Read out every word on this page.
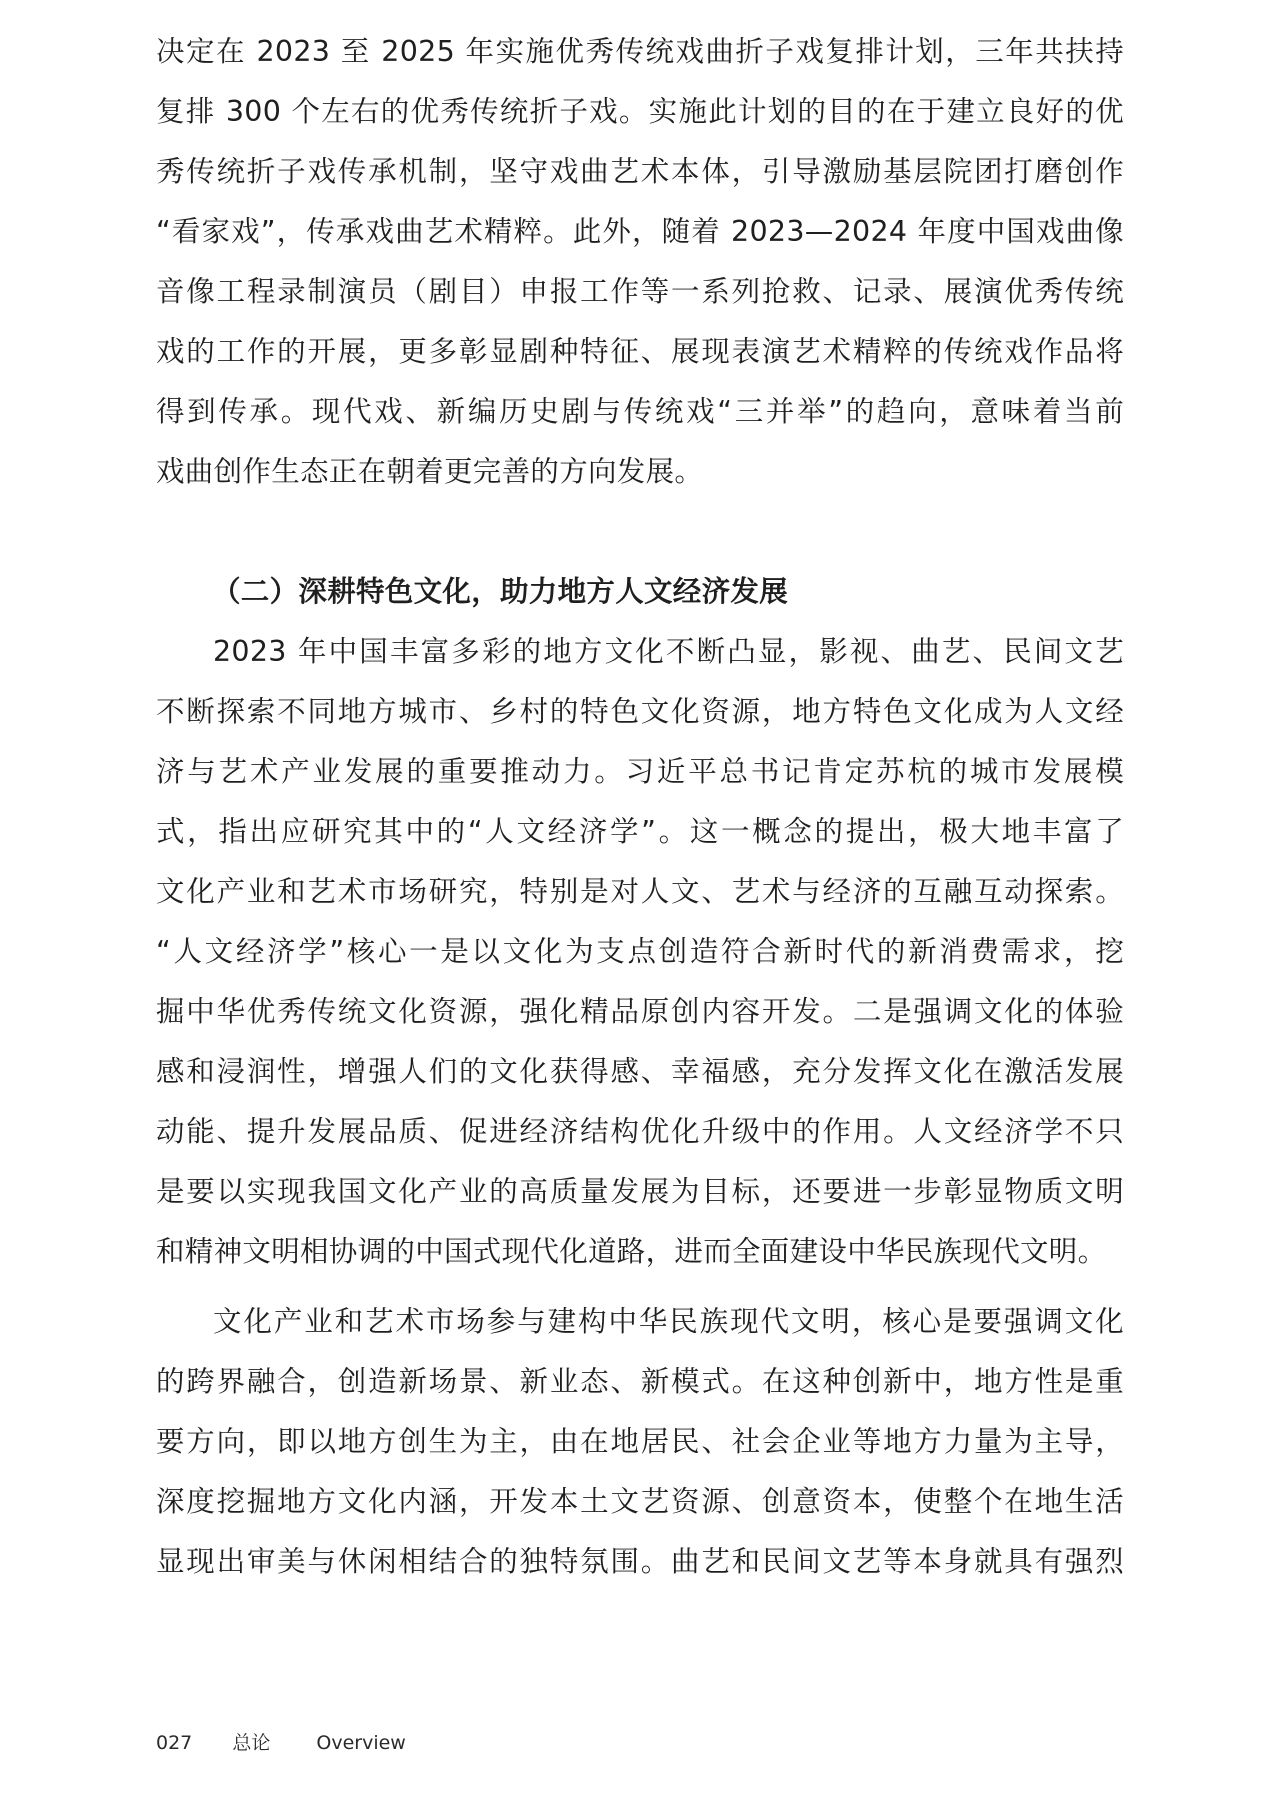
决定在 2023 至 2025 年实施优秀传统戏曲折子戏复排计划，三年共扶持
复排 300 个左右的优秀传统折子戏。实施此计划的目的在于建立良好的优
秀传统折子戏传承机制，坚守戏曲艺术本体，引导激励基层院团打磨创作
“看家戏”，传承戏曲艺术精粹。此外，随着 2023—2024 年度中国戏曲像
音像工程录制演员（剧目）申报工作等一系列抢救、记录、展演优秀传统
戏的工作的开展，更多彰显剧种特征、展现表演艺术精粹的传统戏作品将
得到传承。现代戏、新编历史剧与传统戏“三并举”的趋向，意味着当前
戏曲创作生态正在朝着更完善的方向发展。
（二）深耕特色文化，助力地方人文经济发展
2023 年中国丰富多彩的地方文化不断凸显，影视、曲艺、民间文艺
不断探索不同地方城市、乡村的特色文化资源，地方特色文化成为人文经
济与艺术产业发展的重要推动力。习近平总书记肯定苏杭的城市发展模
式，指出应研究其中的“人文经济学”。这一概念的提出，极大地丰富了
文化产业和艺术市场研究，特别是对人文、艺术与经济的互融互动探索。
“人文经济学”核心一是以文化为支点创造符合新时代的新消费需求，挖
掘中华优秀传统文化资源，强化精品原创内容开发。二是强调文化的体验
感和浸润性，增强人们的文化获得感、幸福感，充分发挥文化在激活发展
动能、提升发展品质、促进经济结构优化升级中的作用。人文经济学不只
是要以实现我国文化产业的高质量发展为目标，还要进一步彰显物质文明
和精神文明相协调的中国式现代化道路，进而全面建设中华民族现代文明。
文化产业和艺术市场参与建构中华民族现代文明，核心是要强调文化
的跨界融合，创造新场景、新业态、新模式。在这种创新中，地方性是重
要方向，即以地方创生为主，由在地居民、社会企业等地方力量为主导，
深度挖掘地方文化内涵，开发本土文艺资源、创意资本，使整个在地生活
显现出审美与休闲相结合的独特氛围。曲艺和民间文艺等本身就具有强烈
027 总论 Overview
